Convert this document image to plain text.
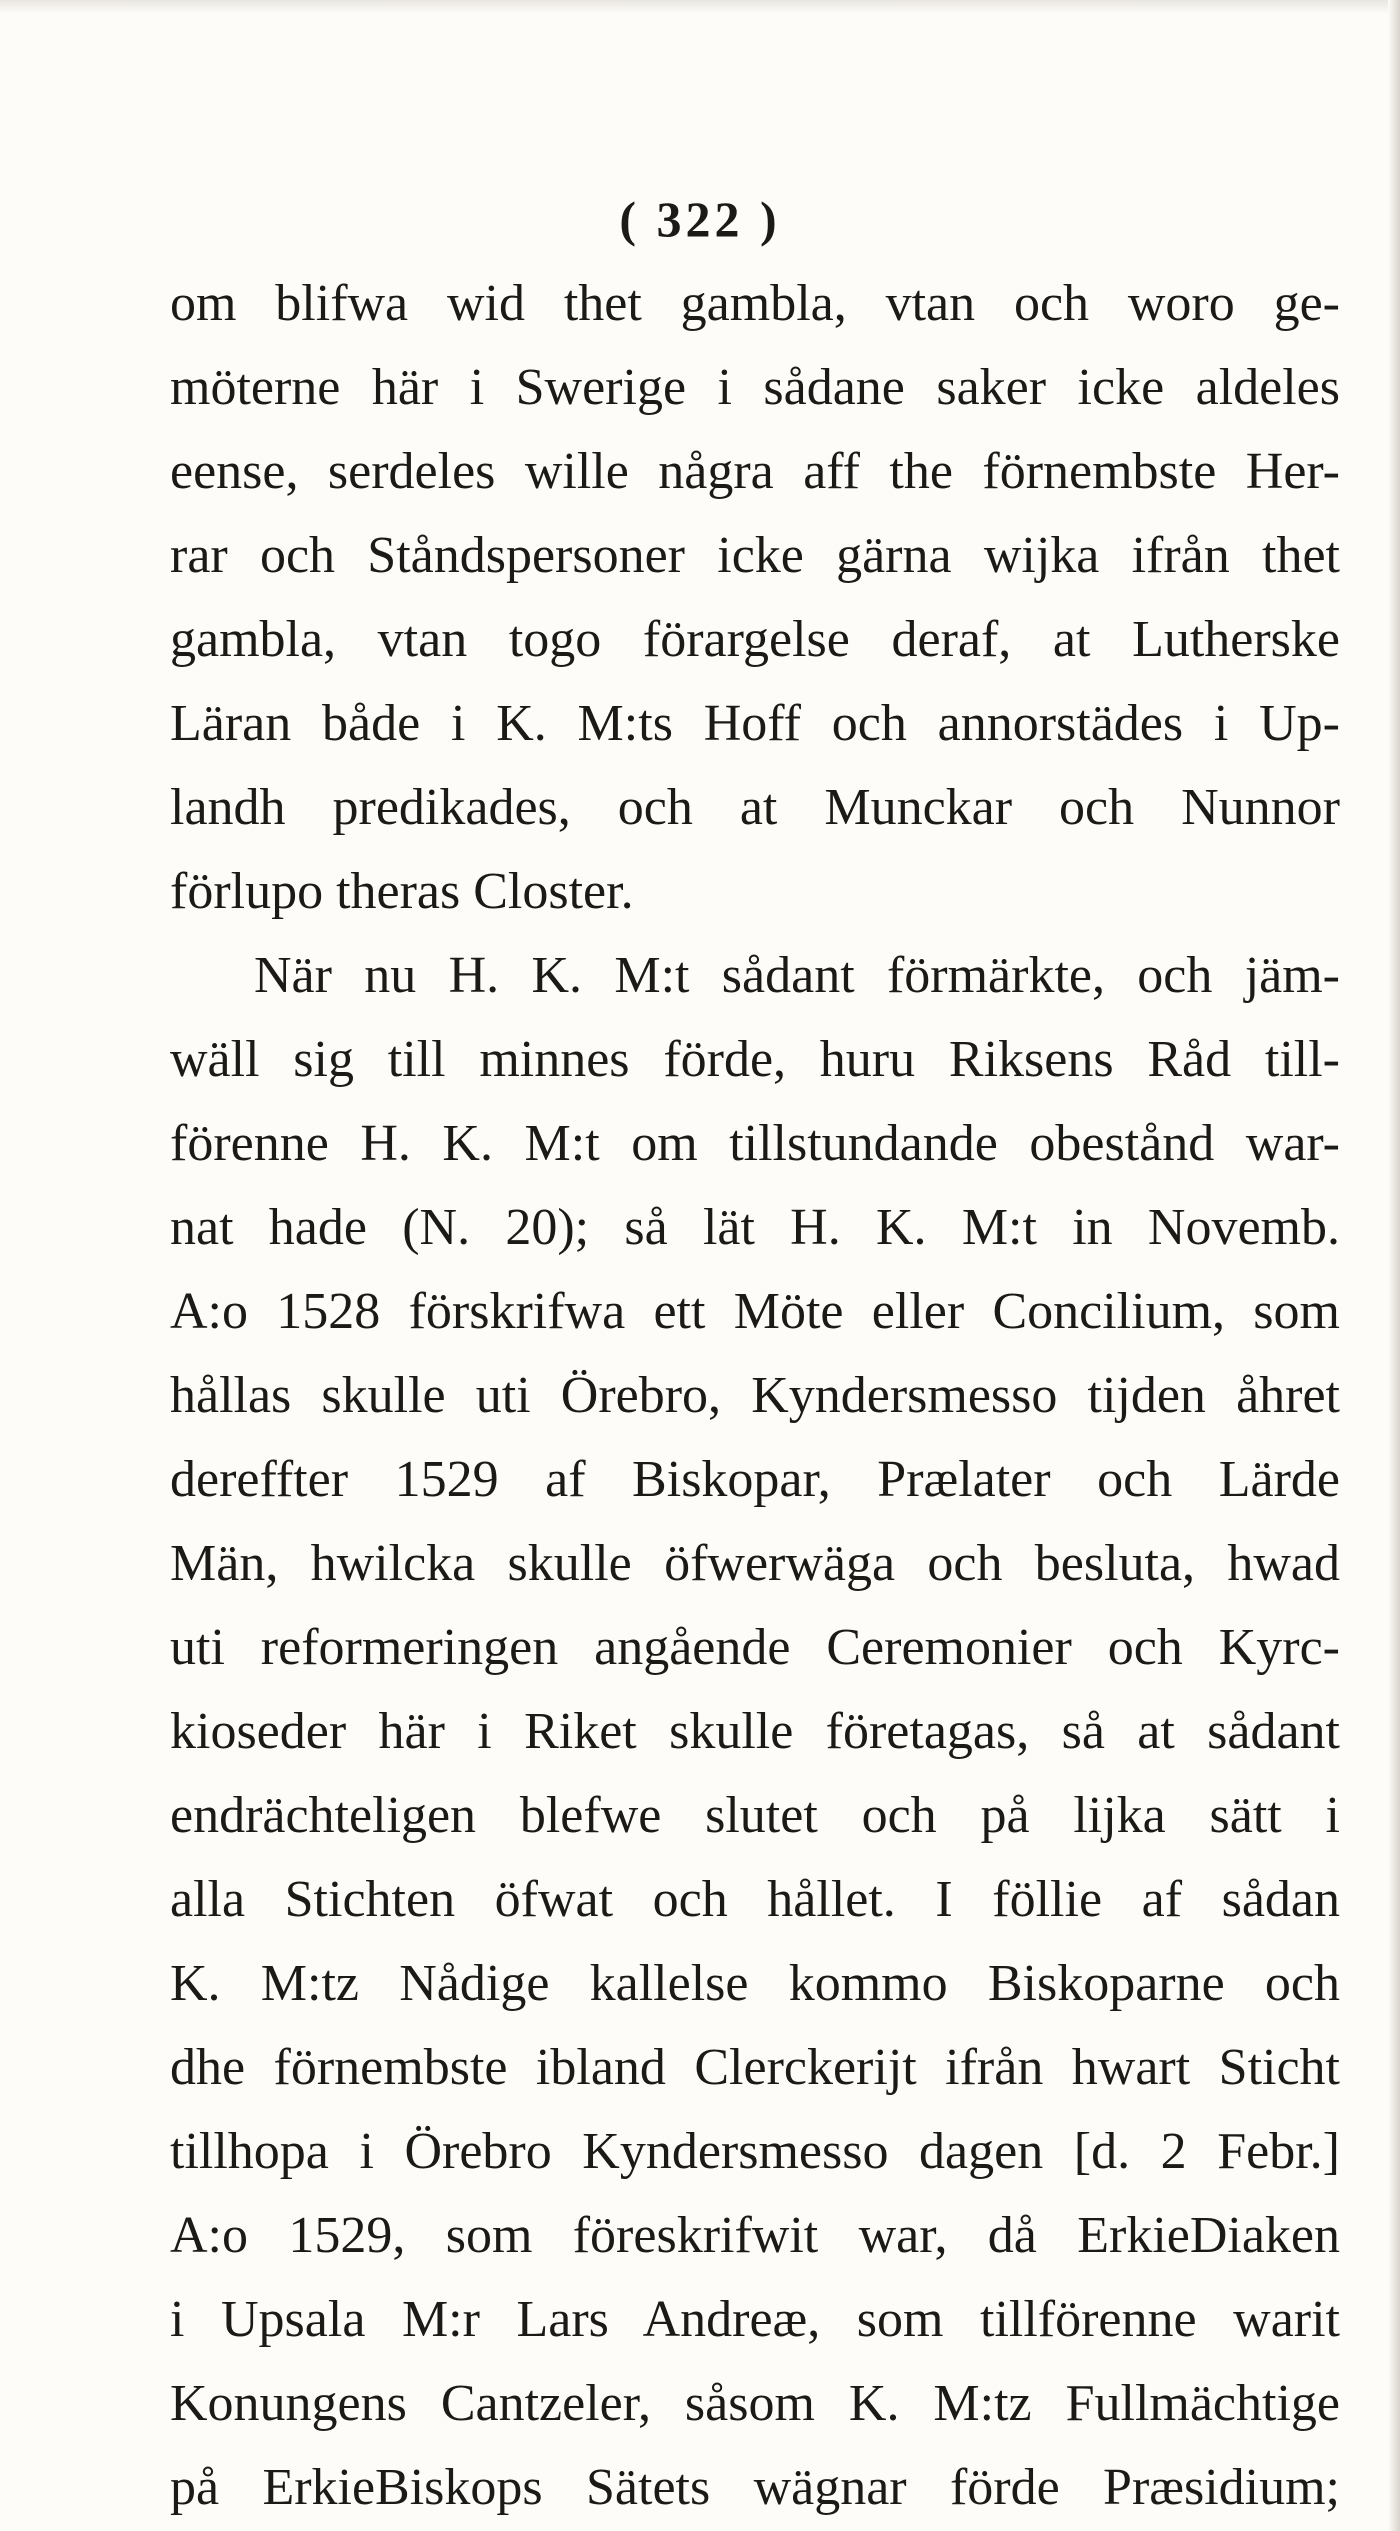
( 322 )
om blifwa wid thet gambla, vtan och woro ge-
möterne här i Swerige i sådane saker icke aldeles
eense, serdeles wille några aff the förnembste Her-
rar och Ståndspersoner icke gärna wijka ifrån thet
gambla, vtan togo förargelse deraf, at Lutherske
Läran både i K. M:ts Hoff och annorstädes i Up-
landh predikades, och at Munckar och Nunnor
förlupo theras Closter.
När nu H. K. M:t sådant förmärkte, och jäm-
wäll sig till minnes förde, huru Riksens Råd till-
förenne H. K. M:t om tillstundande obestånd war-
nat hade (N. 20); så lät H. K. M:t in Novemb.
A:o 1528 förskrifwa ett Möte eller Concilium, som
hållas skulle uti Örebro, Kyndersmesso tijden åhret
dereffter 1529 af Biskopar, Prælater och Lärde
Män, hwilcka skulle öfwerwäga och besluta, hwad
uti reformeringen angående Ceremonier och Kyrc-
kioseder här i Riket skulle företagas, så at sådant
endrächteligen blefwe slutet och på lijka sätt i
alla Stichten öfwat och hållet. I föllie af sådan
K. M:tz Nådige kallelse kommo Biskoparne och
dhe förnembste ibland Clerckerijt ifrån hwart Sticht
tillhopa i Örebro Kyndersmesso dagen [d. 2 Febr.]
A:o 1529, som föreskrifwit war, då ErkieDiaken
i Upsala M:r Lars Andreæ, som tillförenne warit
Konungens Cantzeler, såsom K. M:tz Fullmächtige
på ErkieBiskops Sätets wägnar förde Præsidium;
